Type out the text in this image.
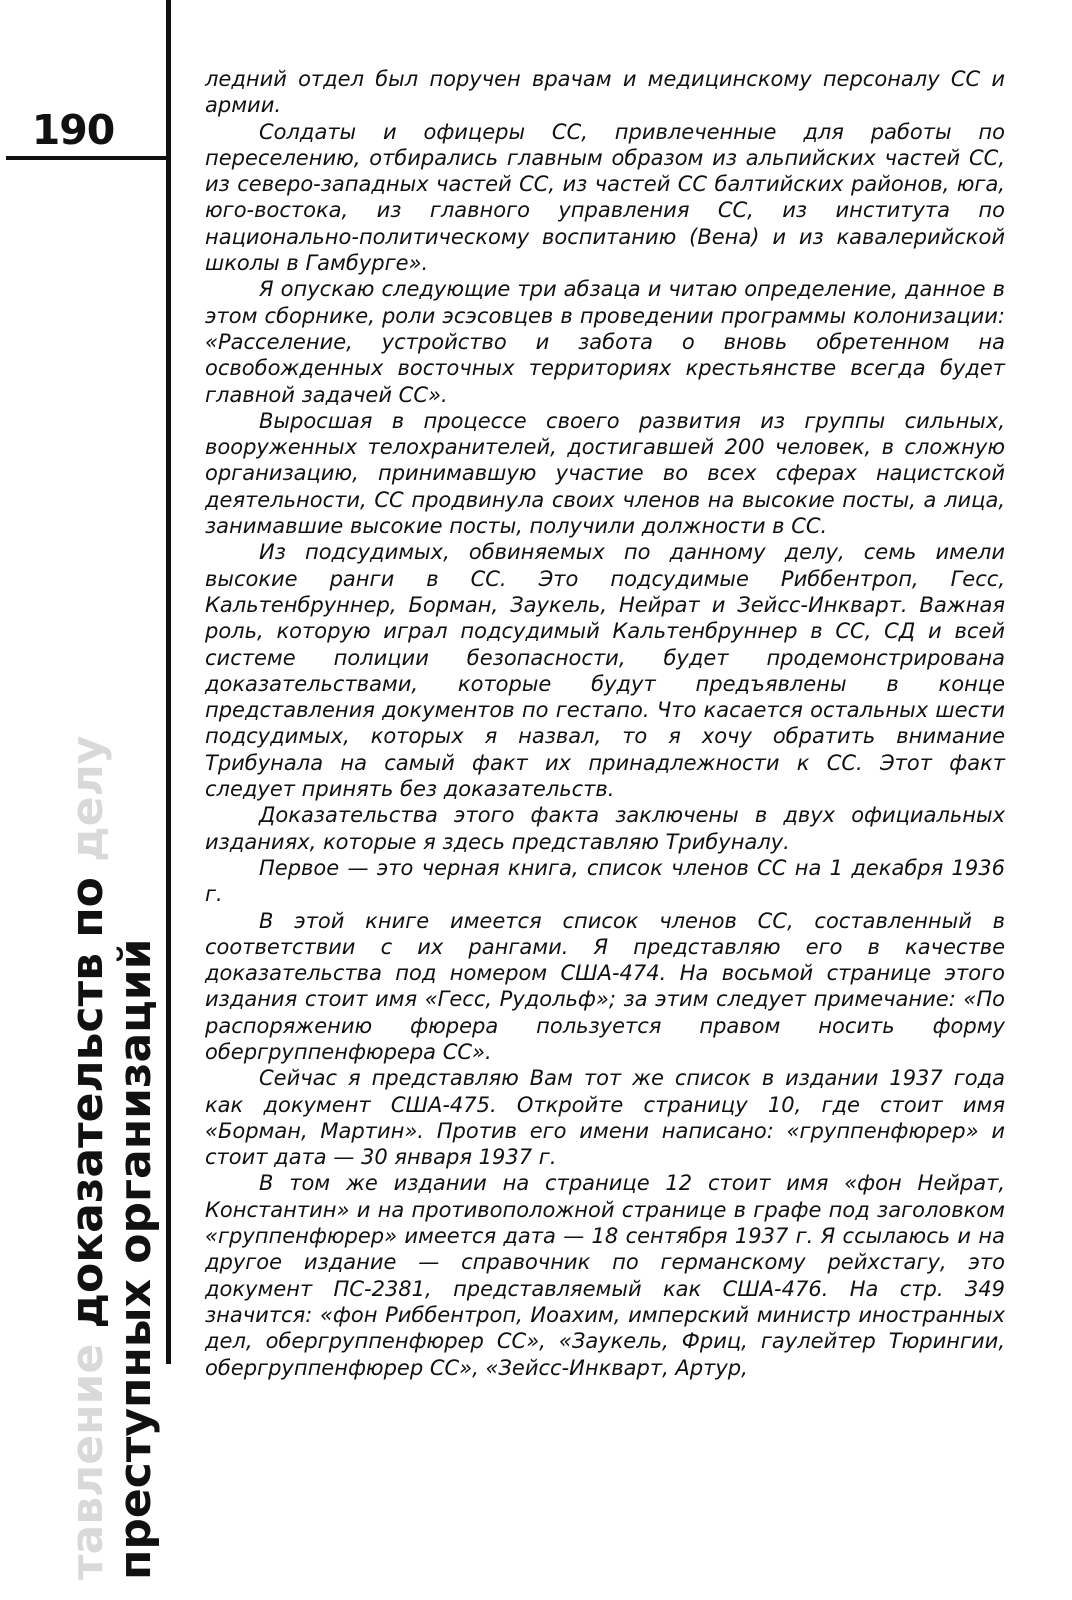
190
тавление доказательств по делу
преступных организаций

ледний отдел был поручен врачам и медицинскому персоналу СС и армии.

Солдаты и офицеры СС, привлеченные для работы по переселению, отбирались главным образом из альпийских частей СС, из северо-западных частей СС, из частей СС балтийских районов, юга, юго-востока, из главного управления СС, из института по национально-политическому воспитанию (Вена) и из кавалерийской школы в Гамбурге».

Я опускаю следующие три абзаца и читаю определение, данное в этом сборнике, роли эсэсовцев в проведении программы колонизации: «Расселение, устройство и забота о вновь обретенном на освобожденных восточных территориях крестьянстве всегда будет главной задачей СС».

Выросшая в процессе своего развития из группы сильных, вооруженных телохранителей, достигавшей 200 человек, в сложную организацию, принимавшую участие во всех сферах нацистской деятельности, СС продвинула своих членов на высокие посты, а лица, занимавшие высокие посты, получили должности в СС.

Из подсудимых, обвиняемых по данному делу, семь имели высокие ранги в СС. Это подсудимые Риббентроп, Гесс, Кальтенбруннер, Борман, Заукель, Нейрат и Зейсс-Инкварт. Важная роль, которую играл подсудимый Кальтенбруннер в СС, СД и всей системе полиции безопасности, будет продемонстрирована доказательствами, которые будут предъявлены в конце представления документов по гестапо. Что касается остальных шести подсудимых, которых я назвал, то я хочу обратить внимание Трибунала на самый факт их принадлежности к СС. Этот факт следует принять без доказательств.

Доказательства этого факта заключены в двух официальных изданиях, которые я здесь представляю Трибуналу.

Первое — это черная книга, список членов СС на 1 декабря 1936 г.

В этой книге имеется список членов СС, составленный в соответствии с их рангами. Я представляю его в качестве доказательства под номером США-474. На восьмой странице этого издания стоит имя «Гесс, Рудольф»; за этим следует примечание: «По распоряжению фюрера пользуется правом носить форму обергруппенфюрера СС».

Сейчас я представляю Вам тот же список в издании 1937 года как документ США-475. Откройте страницу 10, где стоит имя «Борман, Мартин». Против его имени написано: «группенфюрер» и стоит дата — 30 января 1937 г.

В том же издании на странице 12 стоит имя «фон Нейрат, Константин» и на противоположной странице в графе под заголовком «группенфюрер» имеется дата — 18 сентября 1937 г. Я ссылаюсь и на другое издание — справочник по германскому рейхстагу, это документ ПС-2381, представляемый как США-476. На стр. 349 значится: «фон Риббентроп, Иоахим, имперский министр иностранных дел, обергруппенфюрер СС», «Заукель, Фриц, гаулейтер Тюрингии, обергруппенфюрер СС», «Зейсс-Инкварт, Артур,
